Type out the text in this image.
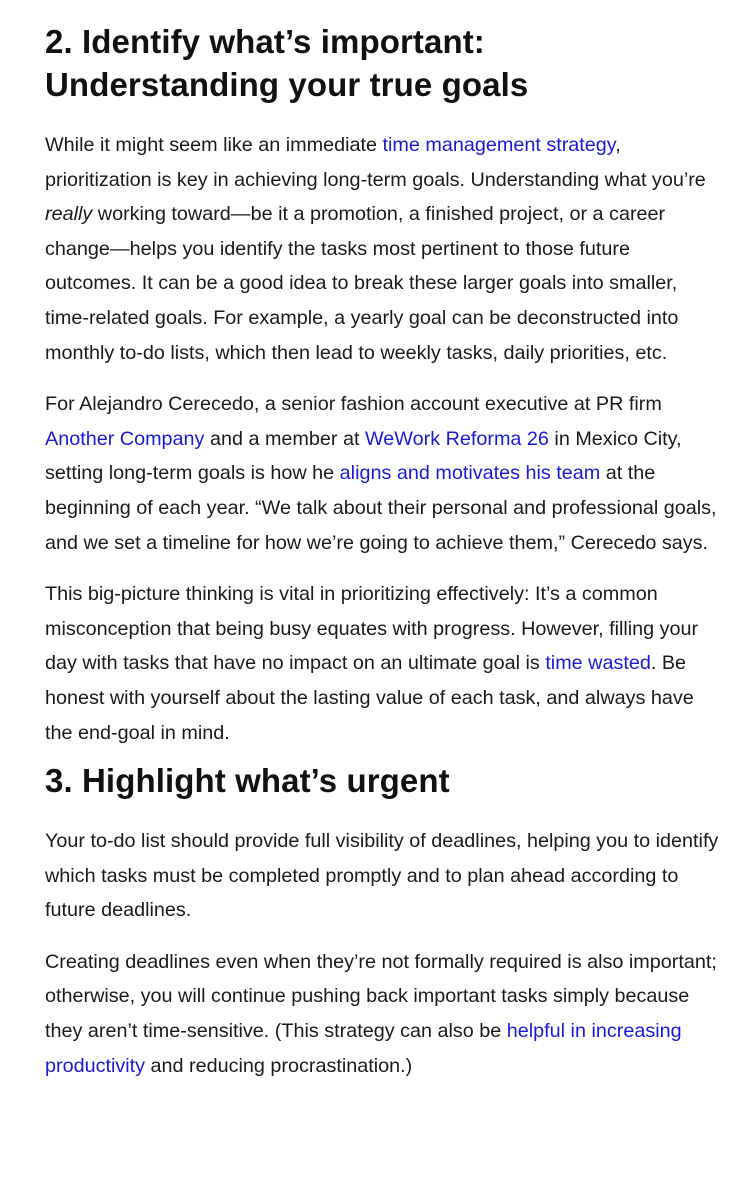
2. Identify what’s important:
Understanding your true goals

While it might seem like an immediate time management strategy, prioritization is key in achieving long-term goals. Understanding what you’re really working toward—be it a promotion, a finished project, or a career change—helps you identify the tasks most pertinent to those future outcomes. It can be a good idea to break these larger goals into smaller, time-related goals. For example, a yearly goal can be deconstructed into monthly to-do lists, which then lead to weekly tasks, daily priorities, etc.

For Alejandro Cerecedo, a senior fashion account executive at PR firm Another Company and a member at WeWork Reforma 26 in Mexico City, setting long-term goals is how he aligns and motivates his team at the beginning of each year. “We talk about their personal and professional goals, and we set a timeline for how we’re going to achieve them,” Cerecedo says.

This big-picture thinking is vital in prioritizing effectively: It’s a common misconception that being busy equates with progress. However, filling your day with tasks that have no impact on an ultimate goal is time wasted. Be honest with yourself about the lasting value of each task, and always have the end-goal in mind.

3. Highlight what’s urgent

Your to-do list should provide full visibility of deadlines, helping you to identify which tasks must be completed promptly and to plan ahead according to future deadlines.

Creating deadlines even when they’re not formally required is also important; otherwise, you will continue pushing back important tasks simply because they aren’t time-sensitive. (This strategy can also be helpful in increasing productivity and reducing procrastination.)
